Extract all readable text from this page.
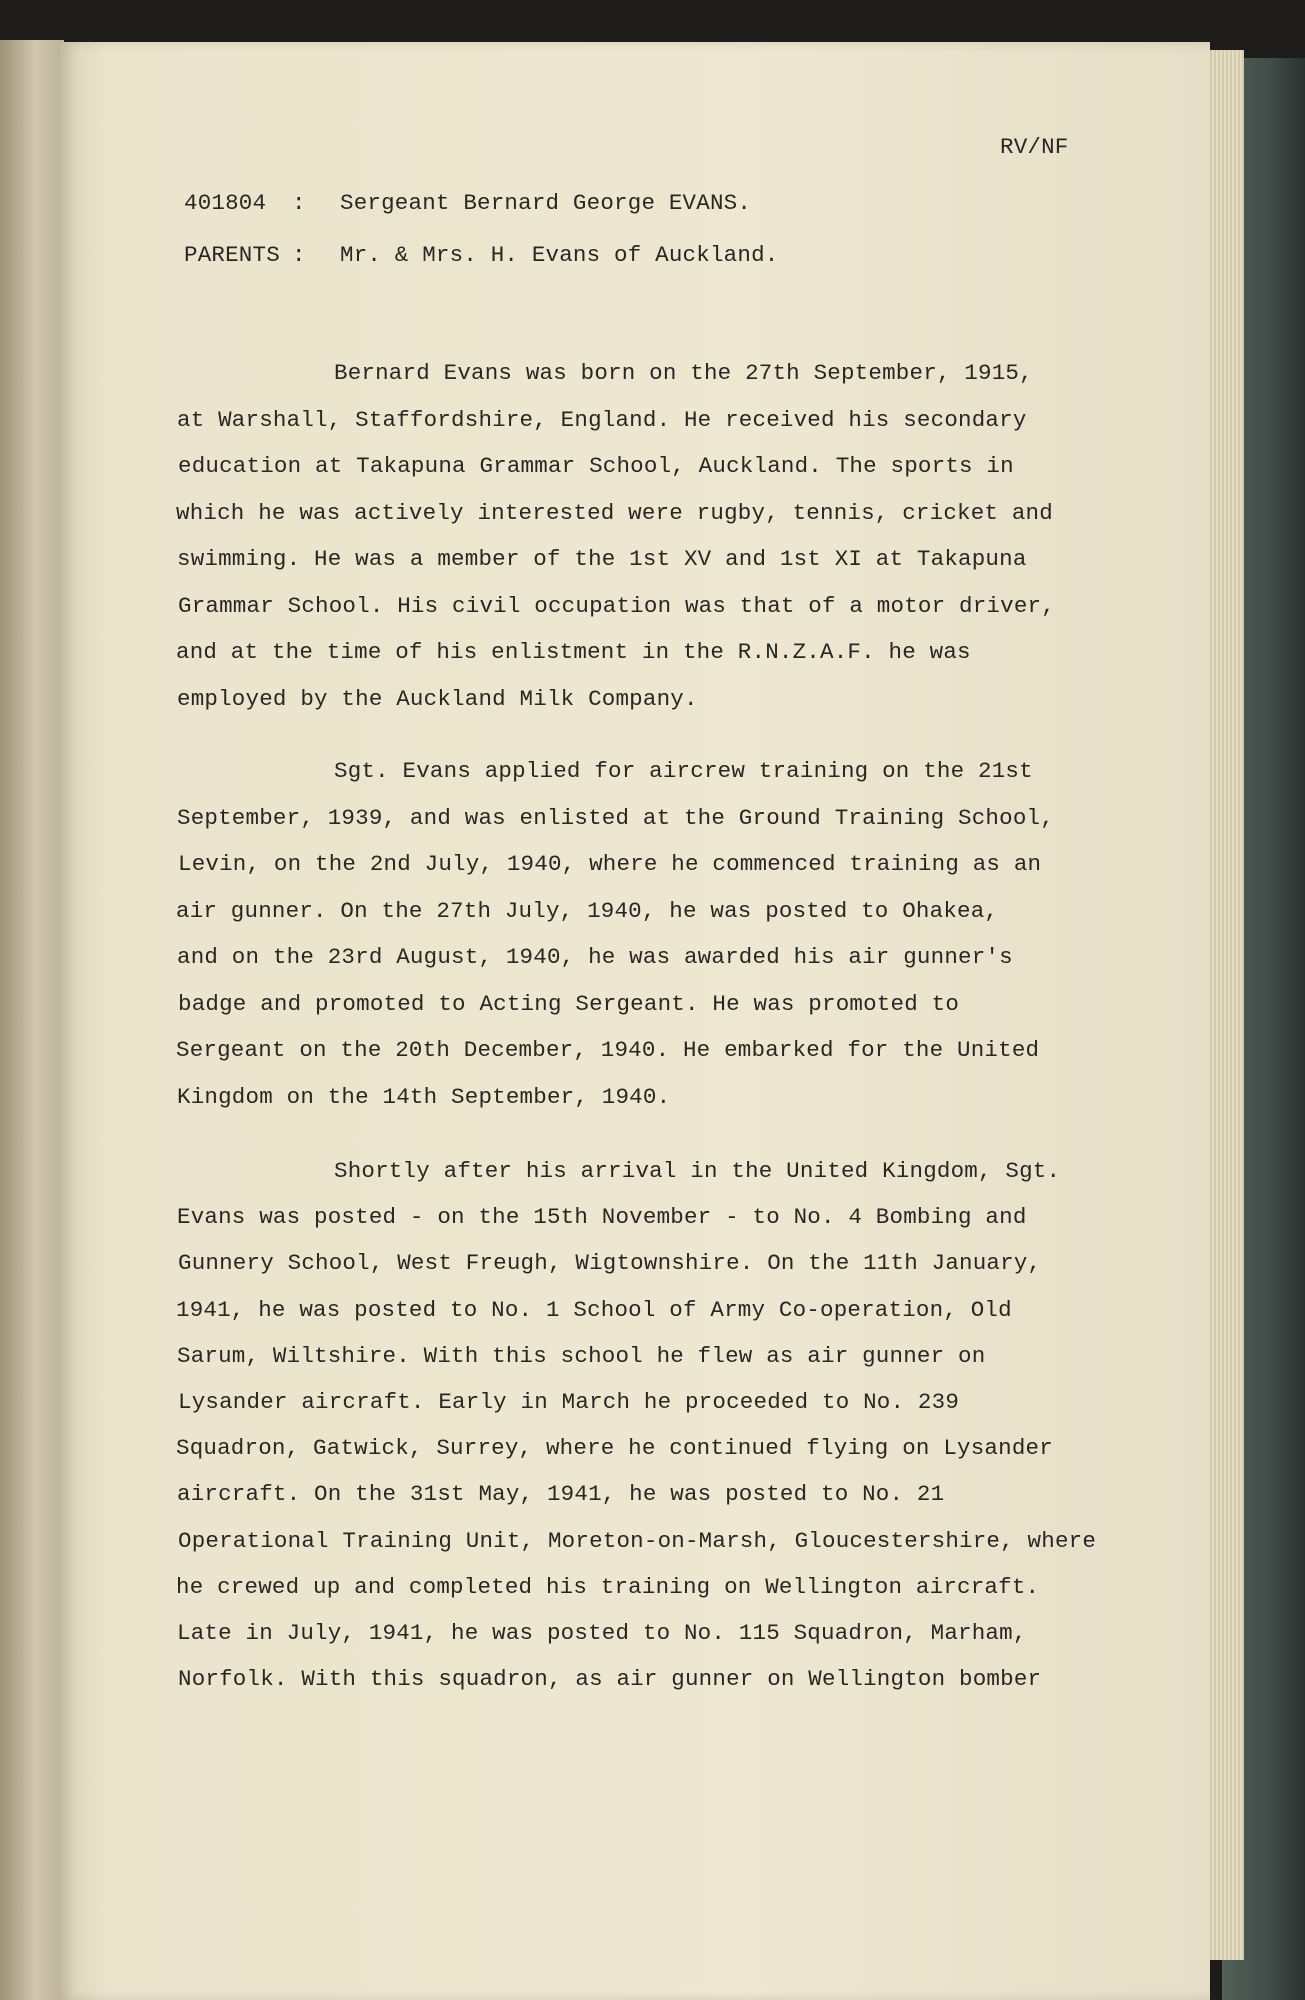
RV/NF
401804 : Sergeant Bernard George EVANS.
PARENTS : Mr. & Mrs. H. Evans of Auckland.
Bernard Evans was born on the 27th September, 1915,
at Warshall, Staffordshire, England. He received his secondary
education at Takapuna Grammar School, Auckland. The sports in
which he was actively interested were rugby, tennis, cricket and
swimming. He was a member of the 1st XV and 1st XI at Takapuna
Grammar School. His civil occupation was that of a motor driver,
and at the time of his enlistment in the R.N.Z.A.F. he was
employed by the Auckland Milk Company.
Sgt. Evans applied for aircrew training on the 21st
September, 1939, and was enlisted at the Ground Training School,
Levin, on the 2nd July, 1940, where he commenced training as an
air gunner. On the 27th July, 1940, he was posted to Ohakea,
and on the 23rd August, 1940, he was awarded his air gunner's
badge and promoted to Acting Sergeant. He was promoted to
Sergeant on the 20th December, 1940. He embarked for the United
Kingdom on the 14th September, 1940.
Shortly after his arrival in the United Kingdom, Sgt.
Evans was posted - on the 15th November - to No. 4 Bombing and
Gunnery School, West Freugh, Wigtownshire. On the 11th January,
1941, he was posted to No. 1 School of Army Co-operation, Old
Sarum, Wiltshire. With this school he flew as air gunner on
Lysander aircraft. Early in March he proceeded to No. 239
Squadron, Gatwick, Surrey, where he continued flying on Lysander
aircraft. On the 31st May, 1941, he was posted to No. 21
Operational Training Unit, Moreton-on-Marsh, Gloucestershire, where
he crewed up and completed his training on Wellington aircraft.
Late in July, 1941, he was posted to No. 115 Squadron, Marham,
Norfolk. With this squadron, as air gunner on Wellington bomber
